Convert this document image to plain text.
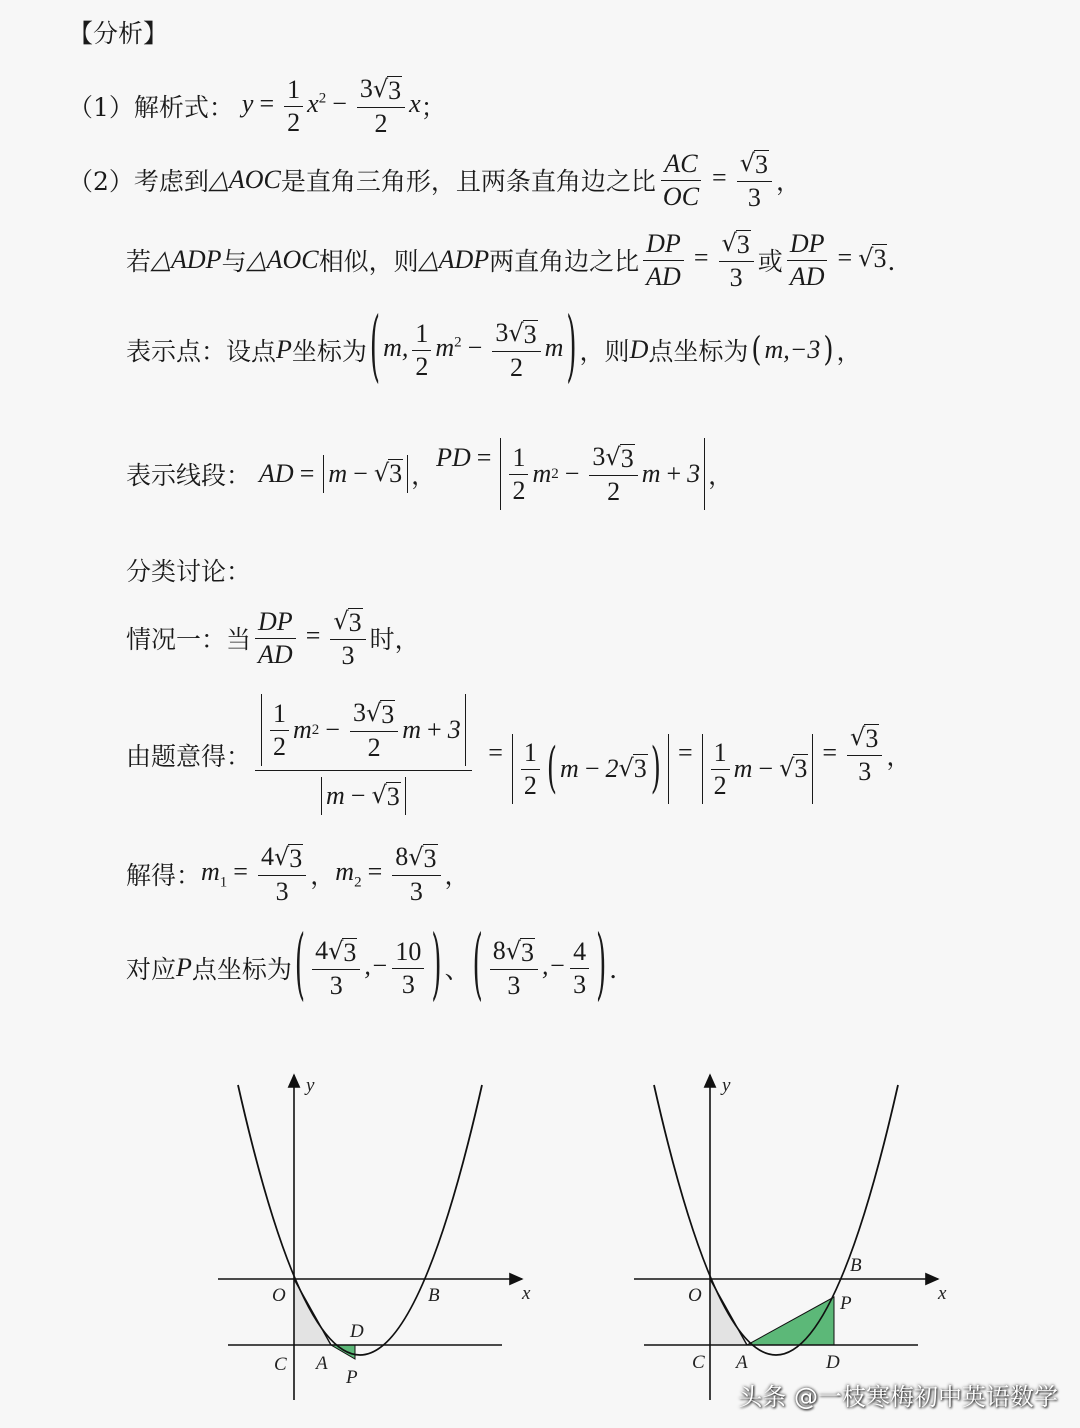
【分析】
（1）解析式： $y = \frac{1}{2} x^2 - \frac{3 √ 3}{2}$ x ；
（2）考虑到 △AOC 是直角三角形，且两条直角边之比 $\frac{AC}{OC} = \frac{√ 3}{3}$ ，
若 △ADP 与 △AOC 相似，则 △ADP 两直角边之比 $\frac{DP}{AD} = \frac{√ 3}{3}$ 或 $\frac{DP}{AD}$ = √ 3 ．
表示点：设点 P 坐标为 ( m, $\frac{1}{2} m^2 - \frac{3 √ 3}{2}$ m ) ，则 D 点坐标为 ( m,−3 ) ，
表示线段： AD = m − √ 3 ，
PD = $\frac{1}{2}$ m $2 - \frac{3 √ 3}{2}$ m + 3 ，
分类讨论：
情况一：当 $\frac{DP}{AD} = \frac{√ 3}{3}$ 时，
由题意得： $\frac{\frac{1}{2} m 2 - \frac{3 √ 3}{2} m + 3}{m - √ 3} = \frac{1}{2}$ ( m − 2 √ 3 ) = $\frac{1}{2}$ m − √ 3
= $\frac{√ 3}{3}$ ，
解得： $m_1 = \frac{4 √ 3}{3}$ ， $m_2 = \frac{8 √ 3}{3}$ ，
对应 P 点坐标为 ( $\frac{4 √ 3}{3}$ ,− $\frac{10}{3}$ ) 、 ( $\frac{8 √ 3}{3}$ ,− $\frac{4}{3}$ ) ．
y
x
O	B
C A
D
P
y
x
O
B
C A	D
P
头条 @一枝寒梅初中英语数学
